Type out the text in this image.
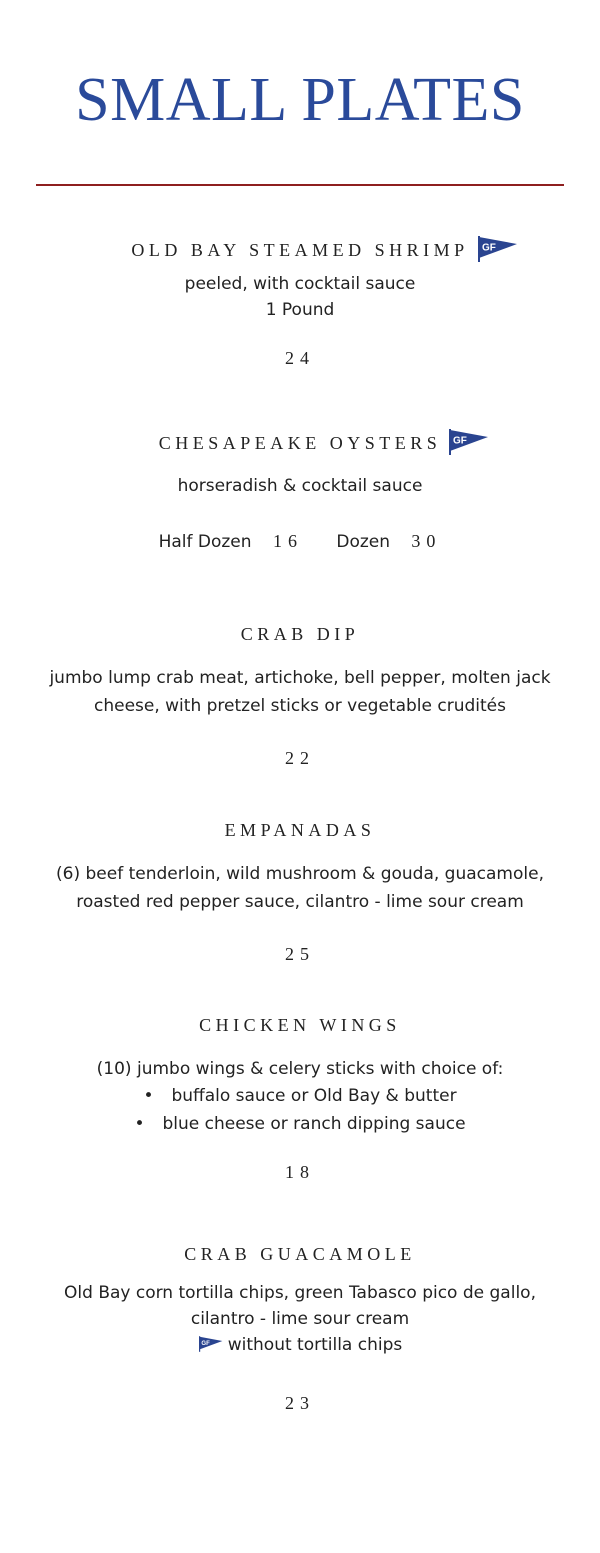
SMALL PLATES
OLD BAY STEAMED SHRIMP	GF
peeled, with cocktail sauce
1 Pound
24
CHESAPEAKE OYSTERS	GF
horseradish & cocktail sauce
Half Dozen 16 Dozen 30
CRAB DIP
jumbo lump crab meat, artichoke, bell pepper, molten jack
cheese, with pretzel sticks or vegetable crudités
22
EMPANADAS
(6) beef tenderloin, wild mushroom & gouda, guacamole,
roasted red pepper sauce, cilantro - lime sour cream
25
CHICKEN WINGS
(10) jumbo wings & celery sticks with choice of:
• buffalo sauce or Old Bay & butter
• blue cheese or ranch dipping sauce
18
CRAB GUACAMOLE
Old Bay corn tortilla chips, green Tabasco pico de gallo,
cilantro - lime sour cream
GF without tortilla chips
23
